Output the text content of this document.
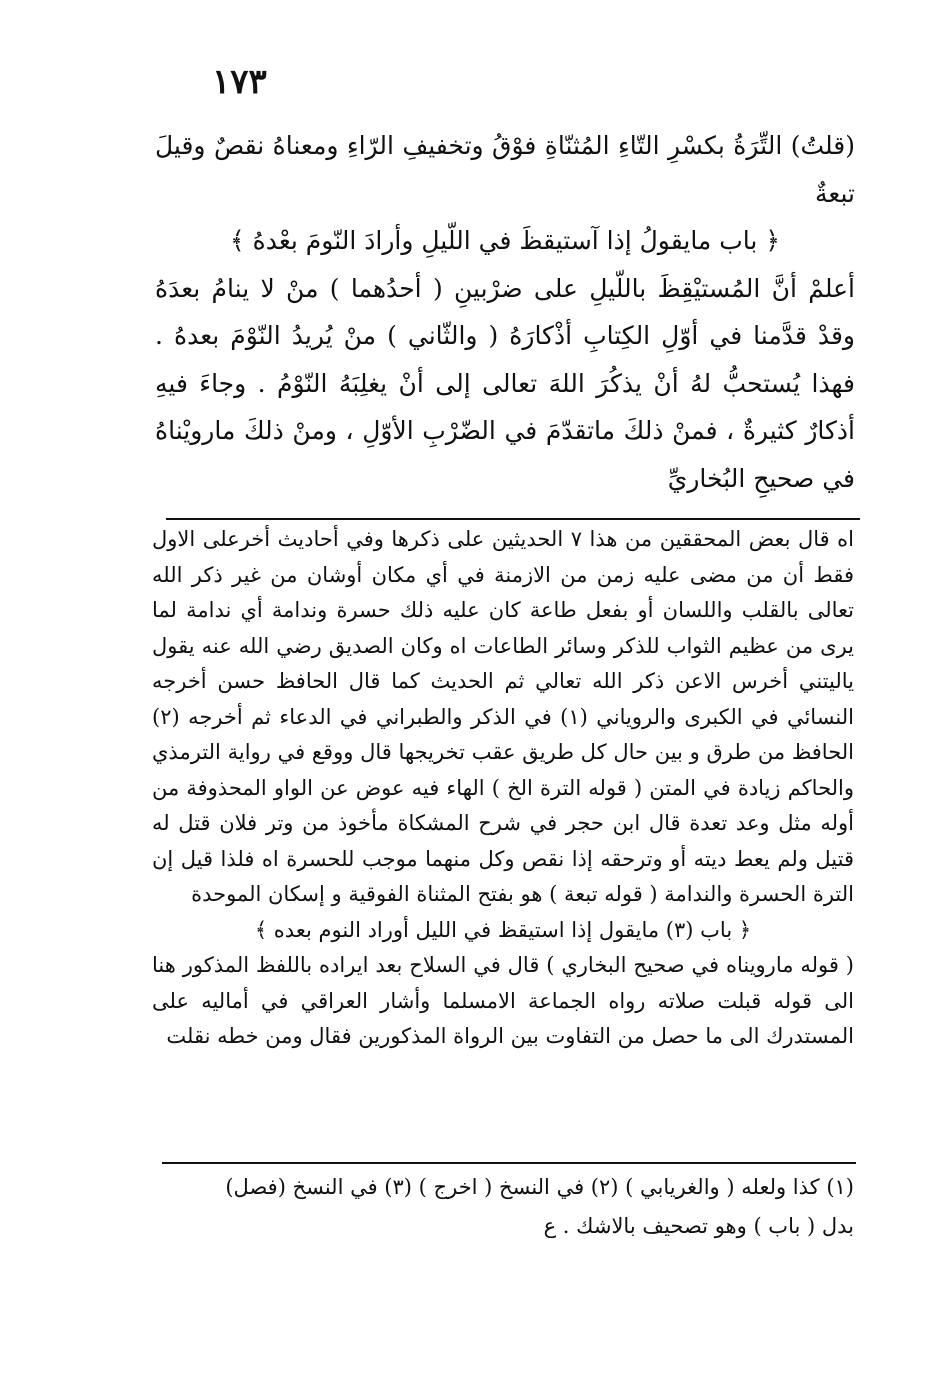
١٧٣

(قلتُ) التِّرَةُ بكسْرِ التّاءِ المُثنّاةِ فوْقُ وتخفيفِ الرّاءِ ومعناهُ نقصٌ وقيلَ تبعةٌ

﴿ باب مايقولُ إذا آستيقظَ في اللّيلِ وأرادَ النّومَ بعْدهُ ﴾

أعلمْ أنَّ المُستيْقِظَ باللّيلِ على ضرْبينِ ( أحدُهما ) منْ لا ينامُ بعدَهُ وقدْ قدَّمنا في أوّلِ الكِتابِ أذْكارَهُ ( والثّاني ) منْ يُريدُ النّوْمَ بعدهُ . فهذا يُستحبُّ لهُ أنْ يذكُرَ اللهَ تعالى إلى أنْ يغلِبَهُ النّوْمُ . وجاءَ فيهِ أذكارٌ كثيرةٌ ، فمنْ ذلكَ ماتقدّمَ في الضّرْبِ الأوّلِ ، ومنْ ذلكَ مارويْناهُ في صحيحِ البُخاريِّ

اه قال بعض المحققين من هذا ٧ الحديثين على ذكرها وفي أحاديث أخرعلى الاول فقط أن من مضى عليه زمن من الازمنة في أي مكان أوشان من غير ذكر الله تعالى بالقلب واللسان أو بفعل طاعة كان عليه ذلك حسرة وندامة أي ندامة لما يرى من عظيم الثواب للذكر وسائر الطاعات اه وكان الصديق رضي الله عنه يقول ياليتني أخرس الاعن ذكر الله تعالي ثم الحديث كما قال الحافظ حسن أخرجه النسائي في الكبرى والروياني (١) في الذكر والطبراني في الدعاء ثم أخرجه (٢) الحافظ من طرق و بين حال كل طريق عقب تخريجها قال ووقع في رواية الترمذي والحاكم زيادة في المتن ( قوله الترة الخ ) الهاء فيه عوض عن الواو المحذوفة من أوله مثل وعد تعدة قال ابن حجر في شرح المشكاة مأخوذ من وتر فلان قتل له قتيل ولم يعط ديته أو وترحقه إذا نقص وكل منهما موجب للحسرة اه فلذا قيل إن الترة الحسرة والندامة ( قوله تبعة ) هو بفتح المثناة الفوقية و إسكان الموحدة

﴿ باب (٣) مايقول إذا استيقظ في الليل أوراد النوم بعده ﴾

( قوله مارويناه في صحيح البخاري ) قال في السلاح بعد ايراده باللفظ المذكور هنا الى قوله قبلت صلاته رواه الجماعة الامسلما وأشار العراقي في أماليه على المستدرك الى ما حصل من التفاوت بين الرواة المذكورين فقال ومن خطه نقلت

(١) كذا ولعله ( والغريابي ) (٢) في النسخ ( اخرج ) (٣) في النسخ (فصل)

بدل ( باب ) وهو تصحيف بالاشك . ع
